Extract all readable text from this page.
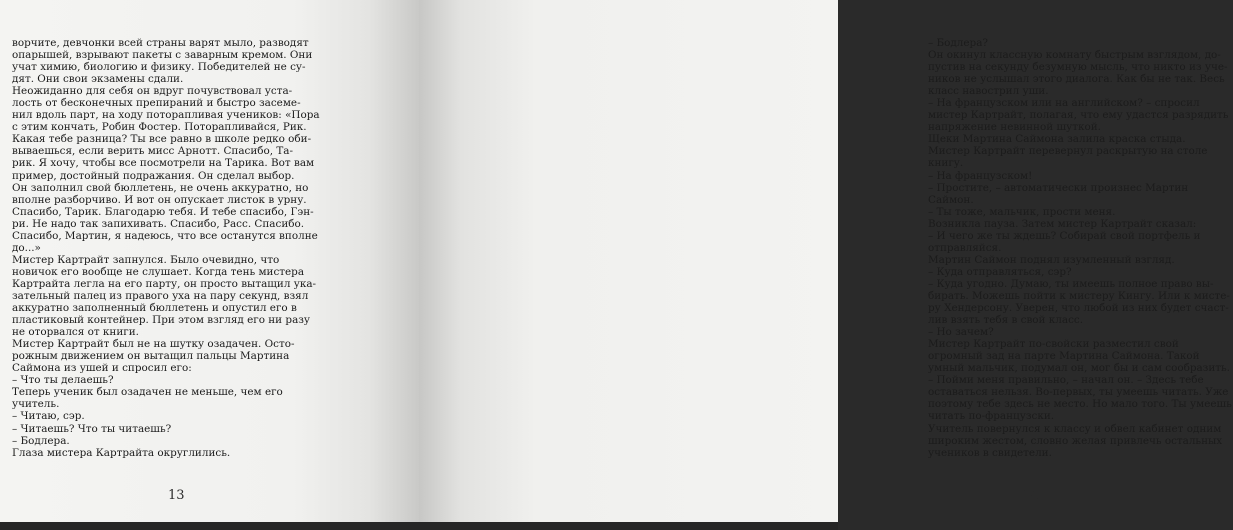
ворчите, девчонки всей страны варят мыло, разводят
опарышей, взрывают пакеты с заварным кремом. Они
учат химию, биологию и физику. Победителей не су-
дят. Они свои экзамены сдали.
Неожиданно для себя он вдруг почувствовал уста-
лость от бесконечных препираний и быстро засеме-
нил вдоль парт, на ходу поторапливая учеников: «Пора
с этим кончать, Робин Фостер. Поторапливайся, Рик.
Какая тебе разница? Ты все равно в школе редко оби-
вываешься, если верить мисс Арнотт. Спасибо, Та-
рик. Я хочу, чтобы все посмотрели на Тарика. Вот вам
пример, достойный подражания. Он сделал выбор.
Он заполнил свой бюллетень, не очень аккуратно, но
вполне разборчиво. И вот он опускает листок в урну.
Спасибо, Тарик. Благодарю тебя. И тебе спасибо, Гэн-
ри. Не надо так запихивать. Спасибо, Расс. Спасибо.
Спасибо, Мартин, я надеюсь, что все останутся вполне
до...»
Мистер Картрайт запнулся. Было очевидно, что
новичок его вообще не слушает. Когда тень мистера
Картрайта легла на его парту, он просто вытащил ука-
зательный палец из правого уха на пару секунд, взял
аккуратно заполненный бюллетень и опустил его в
пластиковый контейнер. При этом взгляд его ни разу
не оторвался от книги.
Мистер Картрайт был не на шутку озадачен. Осто-
рожным движением он вытащил пальцы Мартина
Саймона из ушей и спросил его:
– Что ты делаешь?
Теперь ученик был озадачен не меньше, чем его
учитель.
– Читаю, сэр.
– Читаешь? Что ты читаешь?
– Бодлера.
Глаза мистера Картрайта округлились.
13
– Бодлера?
Он окинул классную комнату быстрым взглядом, до-
пустив на секунду безумную мысль, что никто из уче-
ников не услышал этого диалога. Как бы не так. Весь
класс навострил уши.
– На французском или на английском? – спросил
мистер Картрайт, полагая, что ему удастся разрядить
напряжение невинной шуткой.
Щеки Мартина Саймона залила краска стыда.
Мистер Картрайт перевернул раскрытую на столе
книгу.
– На французском!
– Простите, – автоматически произнес Мартин
Саймон.
– Ты тоже, мальчик, прости меня.
Возникла пауза. Затем мистер Картрайт сказал:
– И чего же ты ждешь? Собирай свой портфель и
отправляйся.
Мартин Саймон поднял изумленный взгляд.
– Куда отправляться, сэр?
– Куда угодно. Думаю, ты имеешь полное право вы-
бирать. Можешь пойти к мистеру Кингу. Или к мисте-
ру Хендерсону. Уверен, что любой из них будет счаст-
лив взять тебя в свой класс.
– Но зачем?
Мистер Картрайт по-свойски разместил свой
огромный зад на парте Мартина Саймона. Такой
умный мальчик, подумал он, мог бы и сам сообразить.
– Пойми меня правильно, – начал он. – Здесь тебе
оставаться нельзя. Во-первых, ты умеешь читать. Уже
поэтому тебе здесь не место. Но мало того. Ты умеешь
читать по-французски.
Учитель повернулся к классу и обвел кабинет одним
широким жестом, словно желая привлечь остальных
учеников в свидетели.
14
